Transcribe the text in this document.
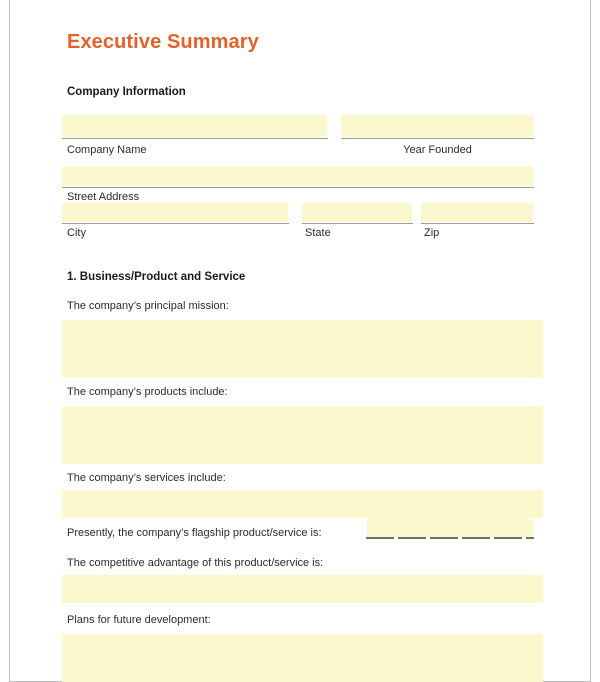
Executive Summary
Company Information
Company Name	Year Founded
Street Address
City	State	Zip
1. Business/Product and Service
The company’s principal mission:
The company’s products include:
The company’s services include:
Presently, the company’s flagship product/service is:
The competitive advantage of this product/service is:
Plans for future development:
